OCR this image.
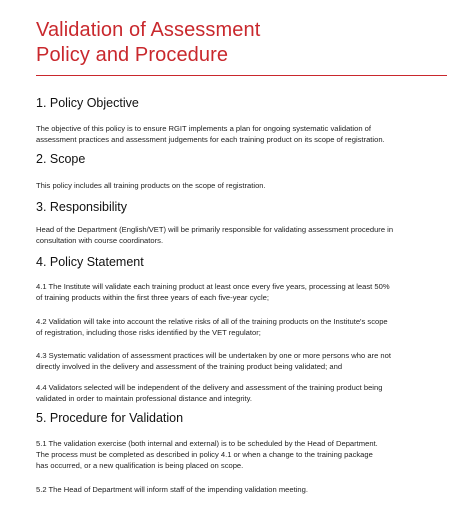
Validation of Assessment
Policy and Procedure
1. Policy Objective

The objective of this policy is to ensure RGIT implements a plan for ongoing systematic validation of
assessment practices and assessment judgements for each training product on its scope of registration.

2. Scope

This policy includes all training products on the scope of registration.

3. Responsibility

Head of the Department (English/VET) will be primarily responsible for validating assessment procedure in
consultation with course coordinators.

4. Policy Statement

4.1 The Institute will validate each training product at least once every five years, processing at least 50%
of training products within the first three years of each five-year cycle;

4.2 Validation will take into account the relative risks of all of the training products on the Institute's scope
of registration, including those risks identified by the VET regulator;

4.3 Systematic validation of assessment practices will be undertaken by one or more persons who are not
directly involved in the delivery and assessment of the training product being validated; and

4.4 Validators selected will be independent of the delivery and assessment of the training product being
validated in order to maintain professional distance and integrity.

5. Procedure for Validation

5.1 The validation exercise (both internal and external) is to be scheduled by the Head of Department.
The process must be completed as described in policy 4.1 or when a change to the training package
has occurred, or a new qualification is being placed on scope.

5.2 The Head of Department will inform staff of the impending validation meeting.
